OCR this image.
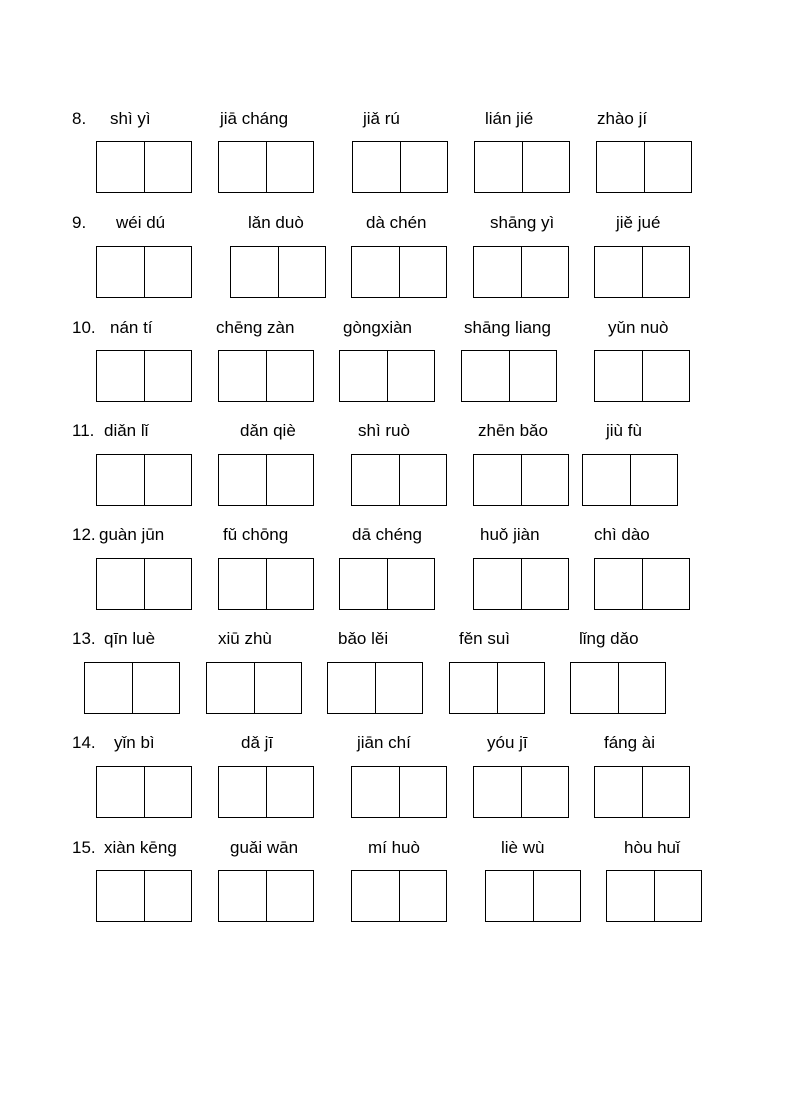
8. shì yì	jiā cháng	jiǎ rú	lián jié	zhào jí
9. wéi dú	lǎn duò	dà chén	shāng yì	jiě jué
10. nán tí	chēng zàn	gòngxiàn	shāng liang	yǔn nuò
11. diǎn lǐ	dǎn qiè	shì ruò	zhēn bǎo	jiù fù
12. guàn jūn	fǔ chōng	dā chéng	huǒ jiàn	chì dào
13. qīn luè	xiū zhù	bǎo lěi	fěn suì	lǐng dǎo
14. yǐn bì	dǎ jī	jiān chí	yóu jī	fáng ài
15. xiàn kēng	guǎi wān	mí huò	liè wù	hòu huǐ
